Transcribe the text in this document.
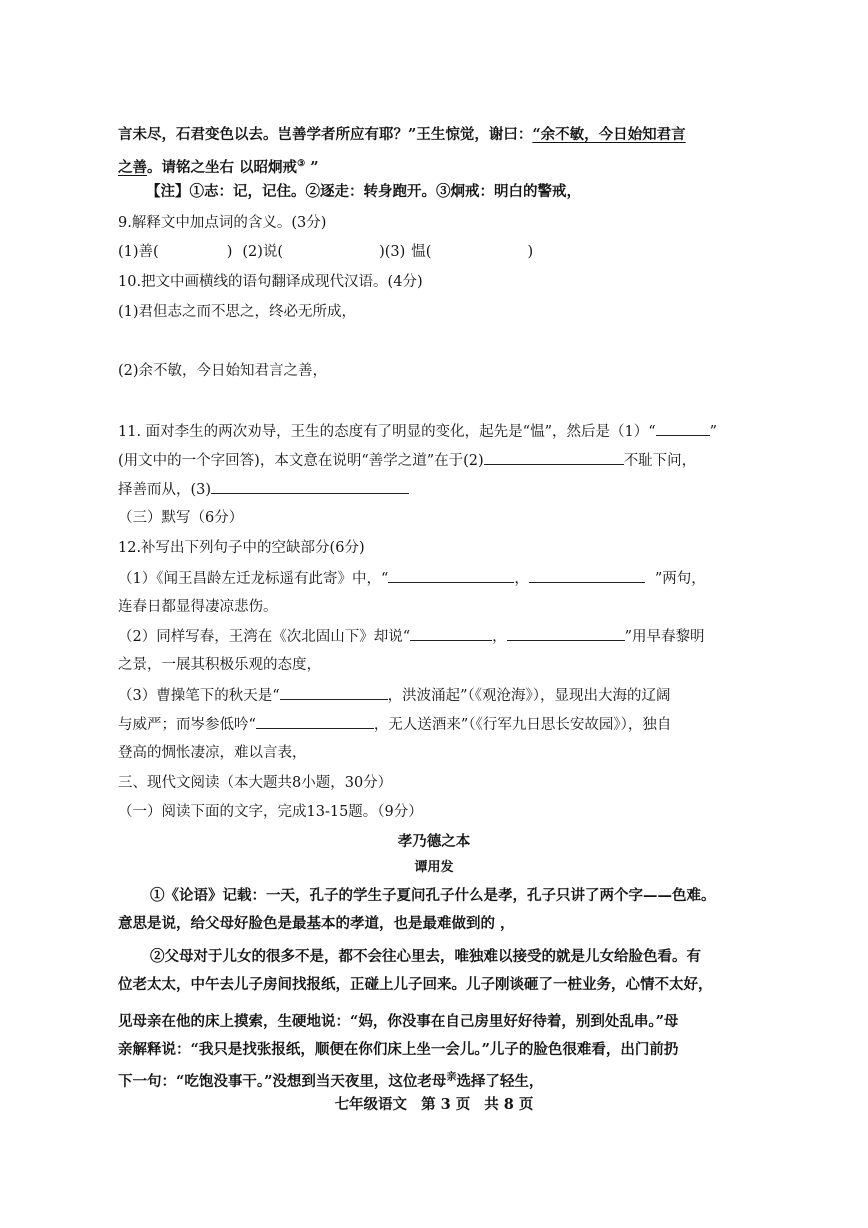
言未尽，石君变色以去。岂善学者所应有耶？”王生惊觉，谢曰：“余不敏，今日始知君言
之善。请铭之坐右 以昭炯戒③ ”
【注】①志：记，记住。②逐走：转身跑开。③炯戒：明白的警戒，
9.解释文中加点词的含义。(3分)
(1)善(	) (2)说(	)(3) 愠(	)
10.把文中画横线的语句翻译成现代汉语。(4分)
(1)君但志之而不思之，终必无所成，
(2)余不敏，今日始知君言之善，
11. 面对李生的两次劝导，王生的态度有了明显的变化，起先是“愠”，然后是（1）“	”
(用文中的一个字回答)，本文意在说明“善学之道”在于(2)	不耻下问，
择善而从，(3)
（三）默写（6分）
12.补写出下列句子中的空缺部分(6分)
（1）《闻王昌龄左迁龙标遥有此寄》中，“	，	”两句，
连春日都显得凄凉悲伤。
（2）同样写春，王湾在《次北固山下》却说“	，	”用早春黎明
之景，一展其积极乐观的态度，
（3）曹操笔下的秋天是“	，洪波涌起”（《观沧海》），显现出大海的辽阔
与威严；而岑参低吟“	，无人送酒来”（《行军九日思长安故园》），独自
登高的惆怅凄凉，难以言表，
三、现代文阅读（本大题共8小题，30分）
（一）阅读下面的文字，完成13-15题。（9分）
孝乃德之本
谭用发
①《论语》记载：一天，孔子的学生子夏问孔子什么是孝，孔子只讲了两个字——色难。
意思是说，给父母好脸色是最基本的孝道，也是最难做到的 ，
②父母对于儿女的很多不是，都不会往心里去，唯独难以接受的就是儿女给脸色看。有
位老太太，中午去儿子房间找报纸，正碰上儿子回来。儿子刚谈砸了一桩业务，心情不太好，
见母亲在他的床上摸索，生硬地说：“妈，你没事在自己房里好好待着，别到处乱串。”母
亲解释说：“我只是找张报纸，顺便在你们床上坐一会儿。”儿子的脸色很难看，出门前扔
下一句：“吃饱没事干。”没想到当天夜里，这位老母$^亲$选择了轻生，
七年级语文 第 3 页 共 8 页
